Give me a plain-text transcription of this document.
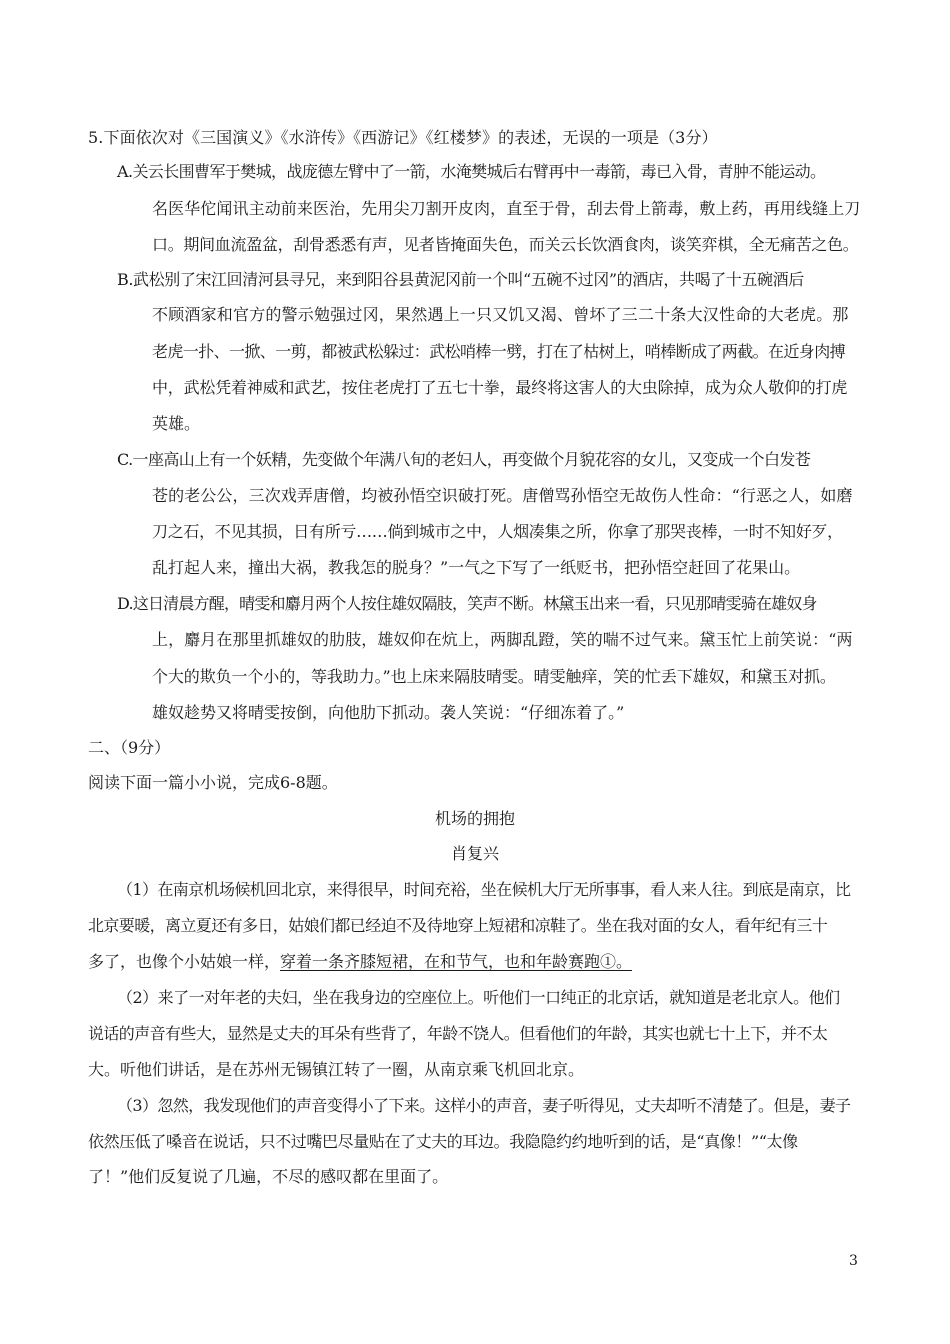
5.下面依次对《三国演义》《水浒传》《西游记》《红楼梦》的表述，无误的一项是（3分）
A.关云长围曹军于樊城，战庞德左臂中了一箭，水淹樊城后右臂再中一毒箭，毒已入骨，青肿不能运动。
名医华佗闻讯主动前来医治，先用尖刀割开皮肉，直至于骨，刮去骨上箭毒，敷上药，再用线缝上刀
口。期间血流盈盆，刮骨悉悉有声，见者皆掩面失色，而关云长饮酒食肉，谈笑弈棋，全无痛苦之色。
B.武松别了宋江回清河县寻兄，来到阳谷县黄泥冈前一个叫“五碗不过冈”的酒店，共喝了十五碗酒后
不顾酒家和官方的警示勉强过冈，果然遇上一只又饥又渴、曾坏了三二十条大汉性命的大老虎。那
老虎一扑、一掀、一剪，都被武松躲过：武松哨棒一劈，打在了枯树上，哨棒断成了两截。在近身肉搏
中，武松凭着神威和武艺，按住老虎打了五七十拳，最终将这害人的大虫除掉，成为众人敬仰的打虎
英雄。
C.一座高山上有一个妖精，先变做个年满八旬的老妇人，再变做个月貌花容的女儿，又变成一个白发苍
苍的老公公，三次戏弄唐僧，均被孙悟空识破打死。唐僧骂孙悟空无故伤人性命：“行恶之人，如磨
刀之石，不见其损，日有所亏……倘到城市之中，人烟凑集之所，你拿了那哭丧棒，一时不知好歹，
乱打起人来，撞出大祸，教我怎的脱身？”一气之下写了一纸贬书，把孙悟空赶回了花果山。
D.这日清晨方醒，晴雯和麝月两个人按住雄奴隔肢，笑声不断。林黛玉出来一看，只见那晴雯骑在雄奴身
上，麝月在那里抓雄奴的肋肢，雄奴仰在炕上，两脚乱蹬，笑的喘不过气来。黛玉忙上前笑说：“两
个大的欺负一个小的，等我助力。”也上床来隔肢晴雯。晴雯触痒，笑的忙丢下雄奴，和黛玉对抓。
雄奴趁势又将晴雯按倒，向他肋下抓动。袭人笑说：“仔细冻着了。”
二、（9分）
阅读下面一篇小小说，完成6-8题。
机场的拥抱
肖复兴
（1）在南京机场候机回北京，来得很早，时间充裕，坐在候机大厅无所事事，看人来人往。到底是南京，比
北京要暖，离立夏还有多日，姑娘们都已经迫不及待地穿上短裙和凉鞋了。坐在我对面的女人，看年纪有三十
多了，也像个小姑娘一样，穿着一条齐膝短裙，在和节气，也和年龄赛跑①。
（2）来了一对年老的夫妇，坐在我身边的空座位上。听他们一口纯正的北京话，就知道是老北京人。他们
说话的声音有些大，显然是丈夫的耳朵有些背了，年龄不饶人。但看他们的年龄，其实也就七十上下，并不太
大。听他们讲话，是在苏州无锡镇江转了一圈，从南京乘飞机回北京。
（3）忽然，我发现他们的声音变得小了下来。这样小的声音，妻子听得见，丈夫却听不清楚了。但是，妻子
依然压低了嗓音在说话，只不过嘴巴尽量贴在了丈夫的耳边。我隐隐约约地听到的话，是“真像！”“太像
了！”他们反复说了几遍，不尽的感叹都在里面了。
3
